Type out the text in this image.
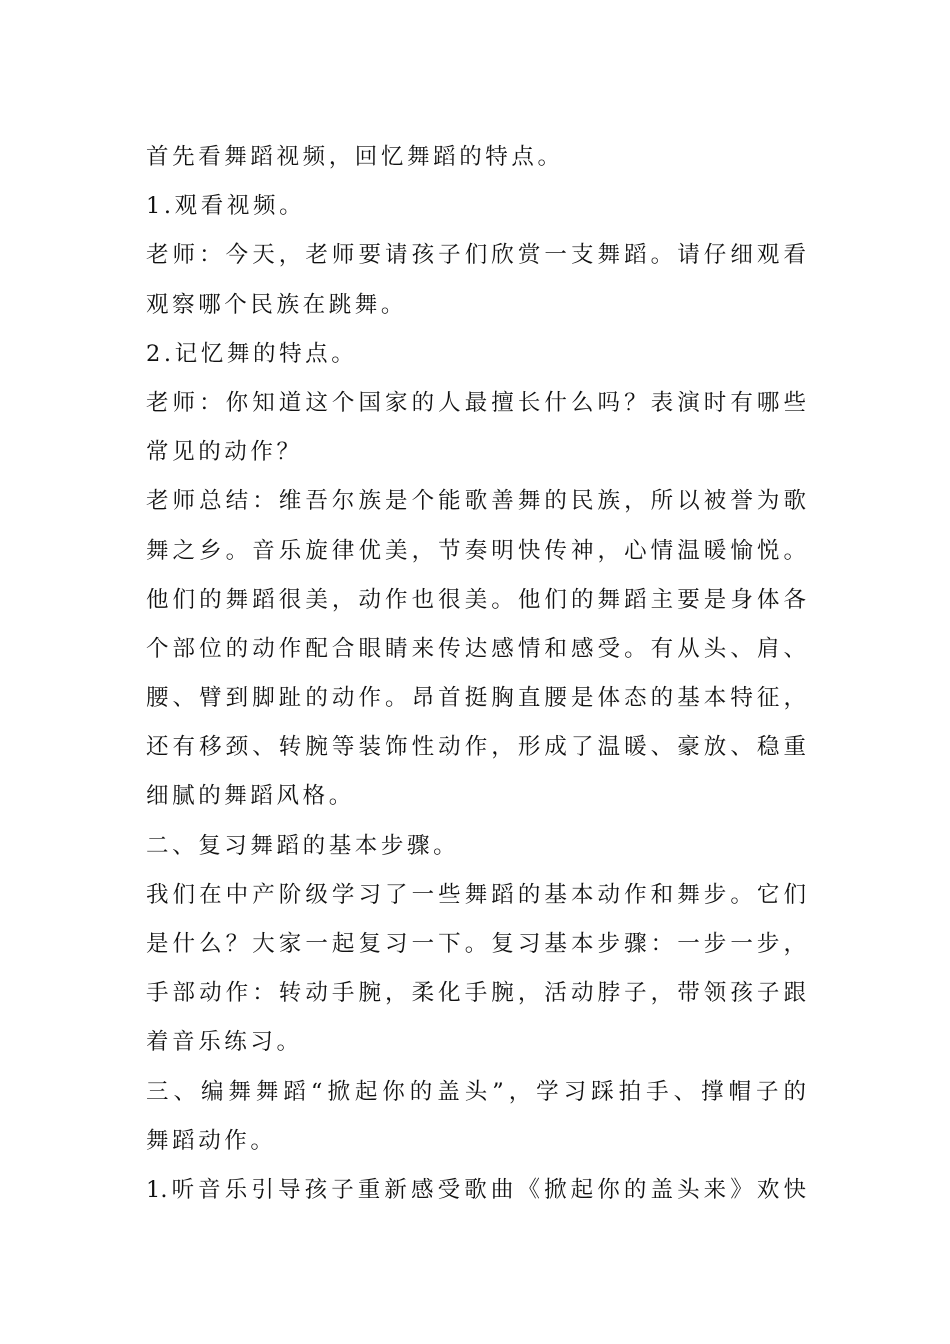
首先看舞蹈视频，回忆舞蹈的特点。
1.观看视频。
老师：今天，老师要请孩子们欣赏一支舞蹈。请仔细观看
观察哪个民族在跳舞。
2.记忆舞的特点。
老师：你知道这个国家的人最擅长什么吗？表演时有哪些
常见的动作？
老师总结：维吾尔族是个能歌善舞的民族，所以被誉为歌
舞之乡。音乐旋律优美，节奏明快传神，心情温暖愉悦。
他们的舞蹈很美，动作也很美。他们的舞蹈主要是身体各
个部位的动作配合眼睛来传达感情和感受。有从头、肩、
腰、臂到脚趾的动作。昂首挺胸直腰是体态的基本特征，
还有移颈、转腕等装饰性动作，形成了温暖、豪放、稳重
细腻的舞蹈风格。
二、复习舞蹈的基本步骤。
我们在中产阶级学习了一些舞蹈的基本动作和舞步。它们
是什么？大家一起复习一下。复习基本步骤：一步一步，
手部动作：转动手腕，柔化手腕，活动脖子，带领孩子跟
着音乐练习。
三、编舞舞蹈“掀起你的盖头”，学习踩拍手、撑帽子的
舞蹈动作。
1.听音乐引导孩子重新感受歌曲《掀起你的盖头来》欢快
